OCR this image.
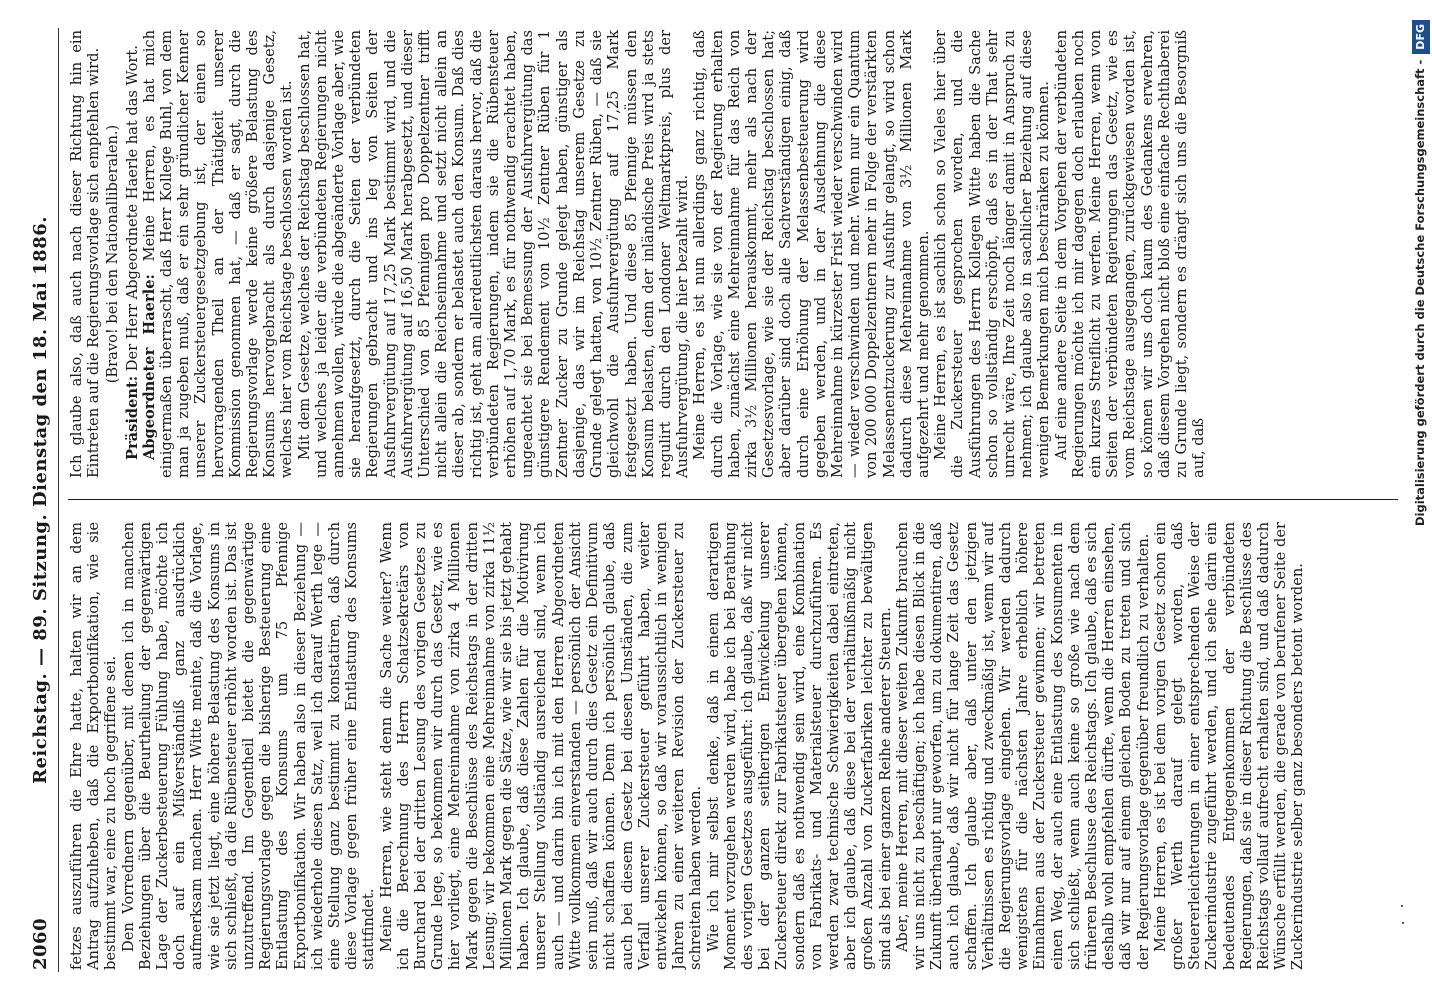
2060
Reichstag. — 89. Sitzung. Dienstag den 18. Mai 1886. fetzes auszuführen die Ehre hatte, halten wir an dem Antrag aufzuheben, daß die Exportbonifikation, wie sie bestimmt war, eine zu hoch gegriffene sei. Den Vorrednern gegenüber, mit denen ich in manchen Beziehungen über die Beurtheilung der gegenwärtigen Lage der Zuckerbesteuerung Fühlung habe, möchte ich doch auf ein Mißverständniß ganz ausdrücklich aufmerksam machen. Herr Witte meinte, daß die Vorlage, wie sie jetzt liegt, eine höhere Belastung des Konsums in sich schließt, da die Rübensteuer erhöht worden ist. Das ist unzutreffend. Im Gegentheil bietet die gegenwärtige Regierungsvorlage gegen die bisherige Besteuerung eine Entlastung des Konsums um 75 Pfennige Exportbonifikation. Wir haben also in dieser Beziehung — ich wiederhole diesen Satz, weil ich darauf Werth lege — eine Stellung ganz bestimmt zu konstatiren, daß durch diese Vorlage gegen früher eine Entlastung des Konsums stattfindet. Meine Herren, wie steht denn die Sache weiter? Wenn ich die Berechnung des Herrn Schatzsekretärs von Burchard bei der dritten Lesung des vorigen Gesetzes zu Grunde lege, so bekommen wir durch das Gesetz, wie es hier vorliegt, eine Mehreinnahme von zirka 4 Millionen Mark gegen die Beschlüsse des Reichstags in der dritten Lesung; wir bekommen eine Mehreinnahme von zirka 11½ Millionen Mark gegen die Sätze, wie wir sie bis jetzt gehabt haben. Ich glaube, daß diese Zahlen für die Motivirung unserer Stellung vollständig ausreichend sind, wenn ich auch — und darin bin ich mit den Herren Abgeordneten Witte vollkommen einverstanden — persönlich der Ansicht sein muß, daß wir auch durch dies Gesetz ein Definitivum nicht schaffen können. Denn ich persönlich glaube, daß auch bei diesem Gesetz bei diesen Umständen, die zum Verfall unserer Zuckersteuer geführt haben, weiter entwickeln können, so daß wir voraussichtlich in wenigen Jahren zu einer weiteren Revision der Zuckersteuer zu schreiten haben werden. Wie ich mir selbst denke, daß in einem derartigen Moment vorzugehen werden wird, habe ich bei Berathung des vorigen Gesetzes ausgeführt: ich glaube, daß wir nicht bei der ganzen seitherigen Entwickelung unserer Zuckersteuer direkt zur Fabrikatsteuer übergehen können, sondern daß es nothwendig sein wird, eine Kombination von Fabrikats- und Materialsteuer durchzuführen. Es werden zwar technische Schwierigkeiten dabei eintreten, aber ich glaube, daß diese bei der verhältnißmäßig nicht großen Anzahl von Zuckerfabriken leichter zu bewältigen sind als bei einer ganzen Reihe anderer Steuern. Aber, meine Herren, mit dieser weiten Zukunft brauchen wir uns nicht zu beschäftigen; ich habe diesen Blick in die Zukunft überhaupt nur geworfen, um zu dokumentiren, daß auch ich glaube, daß wir nicht für lange Zeit das Gesetz schaffen. Ich glaube aber, daß unter den jetzigen Verhältnissen es richtig und zweckmäßig ist, wenn wir auf die Regierungsvorlage eingehen. Wir werden dadurch wenigstens für die nächsten Jahre erheblich höhere Einnahmen aus der Zuckersteuer gewinnen; wir betreten einen Weg, der auch eine Entlastung des Konsumenten in sich schließt, wenn auch keine so große wie nach dem früheren Beschlusse des Reichstags. Ich glaube, daß es sich deshalb wohl empfehlen dürfte, wenn die Herren einsehen, daß wir nur auf einem gleichen Boden zu treten und sich der Regierungsvorlage gegenüber freundlich zu verhalten. Meine Herren, es ist bei dem vorigen Gesetz schon ein großer Werth darauf gelegt worden, daß Steuererleichterungen in einer entsprechenden Weise der Zuckerindustrie zugeführt werden, und ich sehe darin ein bedeutendes Entgegenkommen der verbündeten Regierungen, daß sie in dieser Richtung die Beschlüsse des Reichstags vollauf aufrecht erhalten sind, und daß dadurch Wünsche erfüllt werden, die gerade von berufener Seite der Zuckerindustrie selber ganz besonders betont worden.

Ich glaube also, daß auch nach dieser Richtung hin ein Eintreten auf die Regierungsvorlage sich empfehlen wird. (Bravo! bei den Nationalliberalen.)

Präsident: Der Herr Abgeordnete Haerle hat das Wort. Abgeordneter Haerle: Meine Herren, es hat mich einigermaßen überrascht, daß Herr Kollege Buhl, von dem man ja zugeben muß, daß er ein sehr gründlicher Kenner unserer Zuckersteuergesetzgebung ist, der einen so hervorragenden Theil an der Thätigkeit unserer Kommission genommen hat, — daß er sagt, durch die Regierungsvorlage werde keine größere Belastung des Konsums hervorgebracht als durch dasjenige Gesetz, welches hier vom Reichstage beschlossen worden ist. Mit dem Gesetze, welches der Reichstag beschlossen hat, und welches ja leider die verbündeten Regierungen nicht annehmen wollen, würde die abgeänderte Vorlage aber, wie sie heraufgesetzt, durch die Seiten der verbündeten Regierungen gebracht und ins leg von Seiten der Ausfuhrvergütung auf 17,25 Mark bestimmt wird, und die Ausfuhrvergütung auf 16,50 Mark herabgesetzt, und dieser Unterschied von 85 Pfennigen pro Doppelzentner trifft nicht allein die Reichseinnahme und setzt nicht allein an dieser ab, sondern er belastet auch den Konsum. Daß dies richtig ist, geht am allerdeutlichsten daraus hervor, daß die verbündeten Regierungen, indem sie die Rübensteuer erhöhen auf 1,70 Mark, es für nothwendig erachtet haben, ungeachtet sie bei Bemessung der Ausfuhrvergütung das günstigere Rendement von 10½ Zentner Rüben für 1 Zentner Zucker zu Grunde gelegt haben, günstiger als dasjenige, das wir im Reichstag unserem Gesetze zu Grunde gelegt hatten, von 10½ Zentner Rüben, — daß sie gleichwohl die Ausfuhrvergütung auf 17,25 Mark festgesetzt haben. Und diese 85 Pfennige müssen den Konsum belasten, denn der inländische Preis wird ja stets regulirt durch den Londoner Weltmarktpreis, plus der Ausfuhrvergütung, die hier bezahlt wird. Meine Herren, es ist nun allerdings ganz richtig, daß durch die Vorlage, wie sie von der Regierung erhalten haben, zunächst eine Mehreinnahme für das Reich von zirka 3½ Millionen herauskommt, mehr als nach der Gesetzesvorlage, wie sie der Reichstag beschlossen hat; aber darüber sind doch alle Sachverständigen einig, daß durch eine Erhöhung der Melassenbesteuerung wird gegeben werden, und in der Ausdehnung die diese Mehreinnahme in kürzester Frist wieder verschwinden wird — wieder verschwinden und mehr. Wenn nur ein Quantum von 200 000 Doppelzentnern mehr in Folge der verstärkten Melassenentzuckerung zur Ausfuhr gelangt, so wird schon dadurch diese Mehreinnahme von 3½ Millionen Mark aufgezehrt und mehr genommen. Meine Herren, es ist sachlich schon so Vieles hier über die Zuckersteuer gesprochen worden, und die Ausführungen des Herrn Kollegen Witte haben die Sache schon so vollständig erschöpft, daß es in der That sehr unrecht wäre, Ihre Zeit noch länger damit in Anspruch zu nehmen; ich glaube also in sachlicher Beziehung auf diese wenigen Bemerkungen mich beschränken zu können. Auf eine andere Seite in dem Vorgehen der verbündeten Regierungen möchte ich mir dagegen doch erlauben noch ein kurzes Streiflicht zu werfen. Meine Herren, wenn von Seiten der verbündeten Regierungen das Gesetz, wie es vom Reichstage ausgegangen, zurückgewiesen worden ist, so können wir uns doch kaum des Gedankens erwehren, daß diesem Vorgehen nicht bloß eine einfache Rechthaberei zu Grunde liegt, sondern es drängt sich uns die Besorgniß auf, daß	Digitalisierung gefördert durch die Deutsche Forschungsgemeinschaft -DFG
